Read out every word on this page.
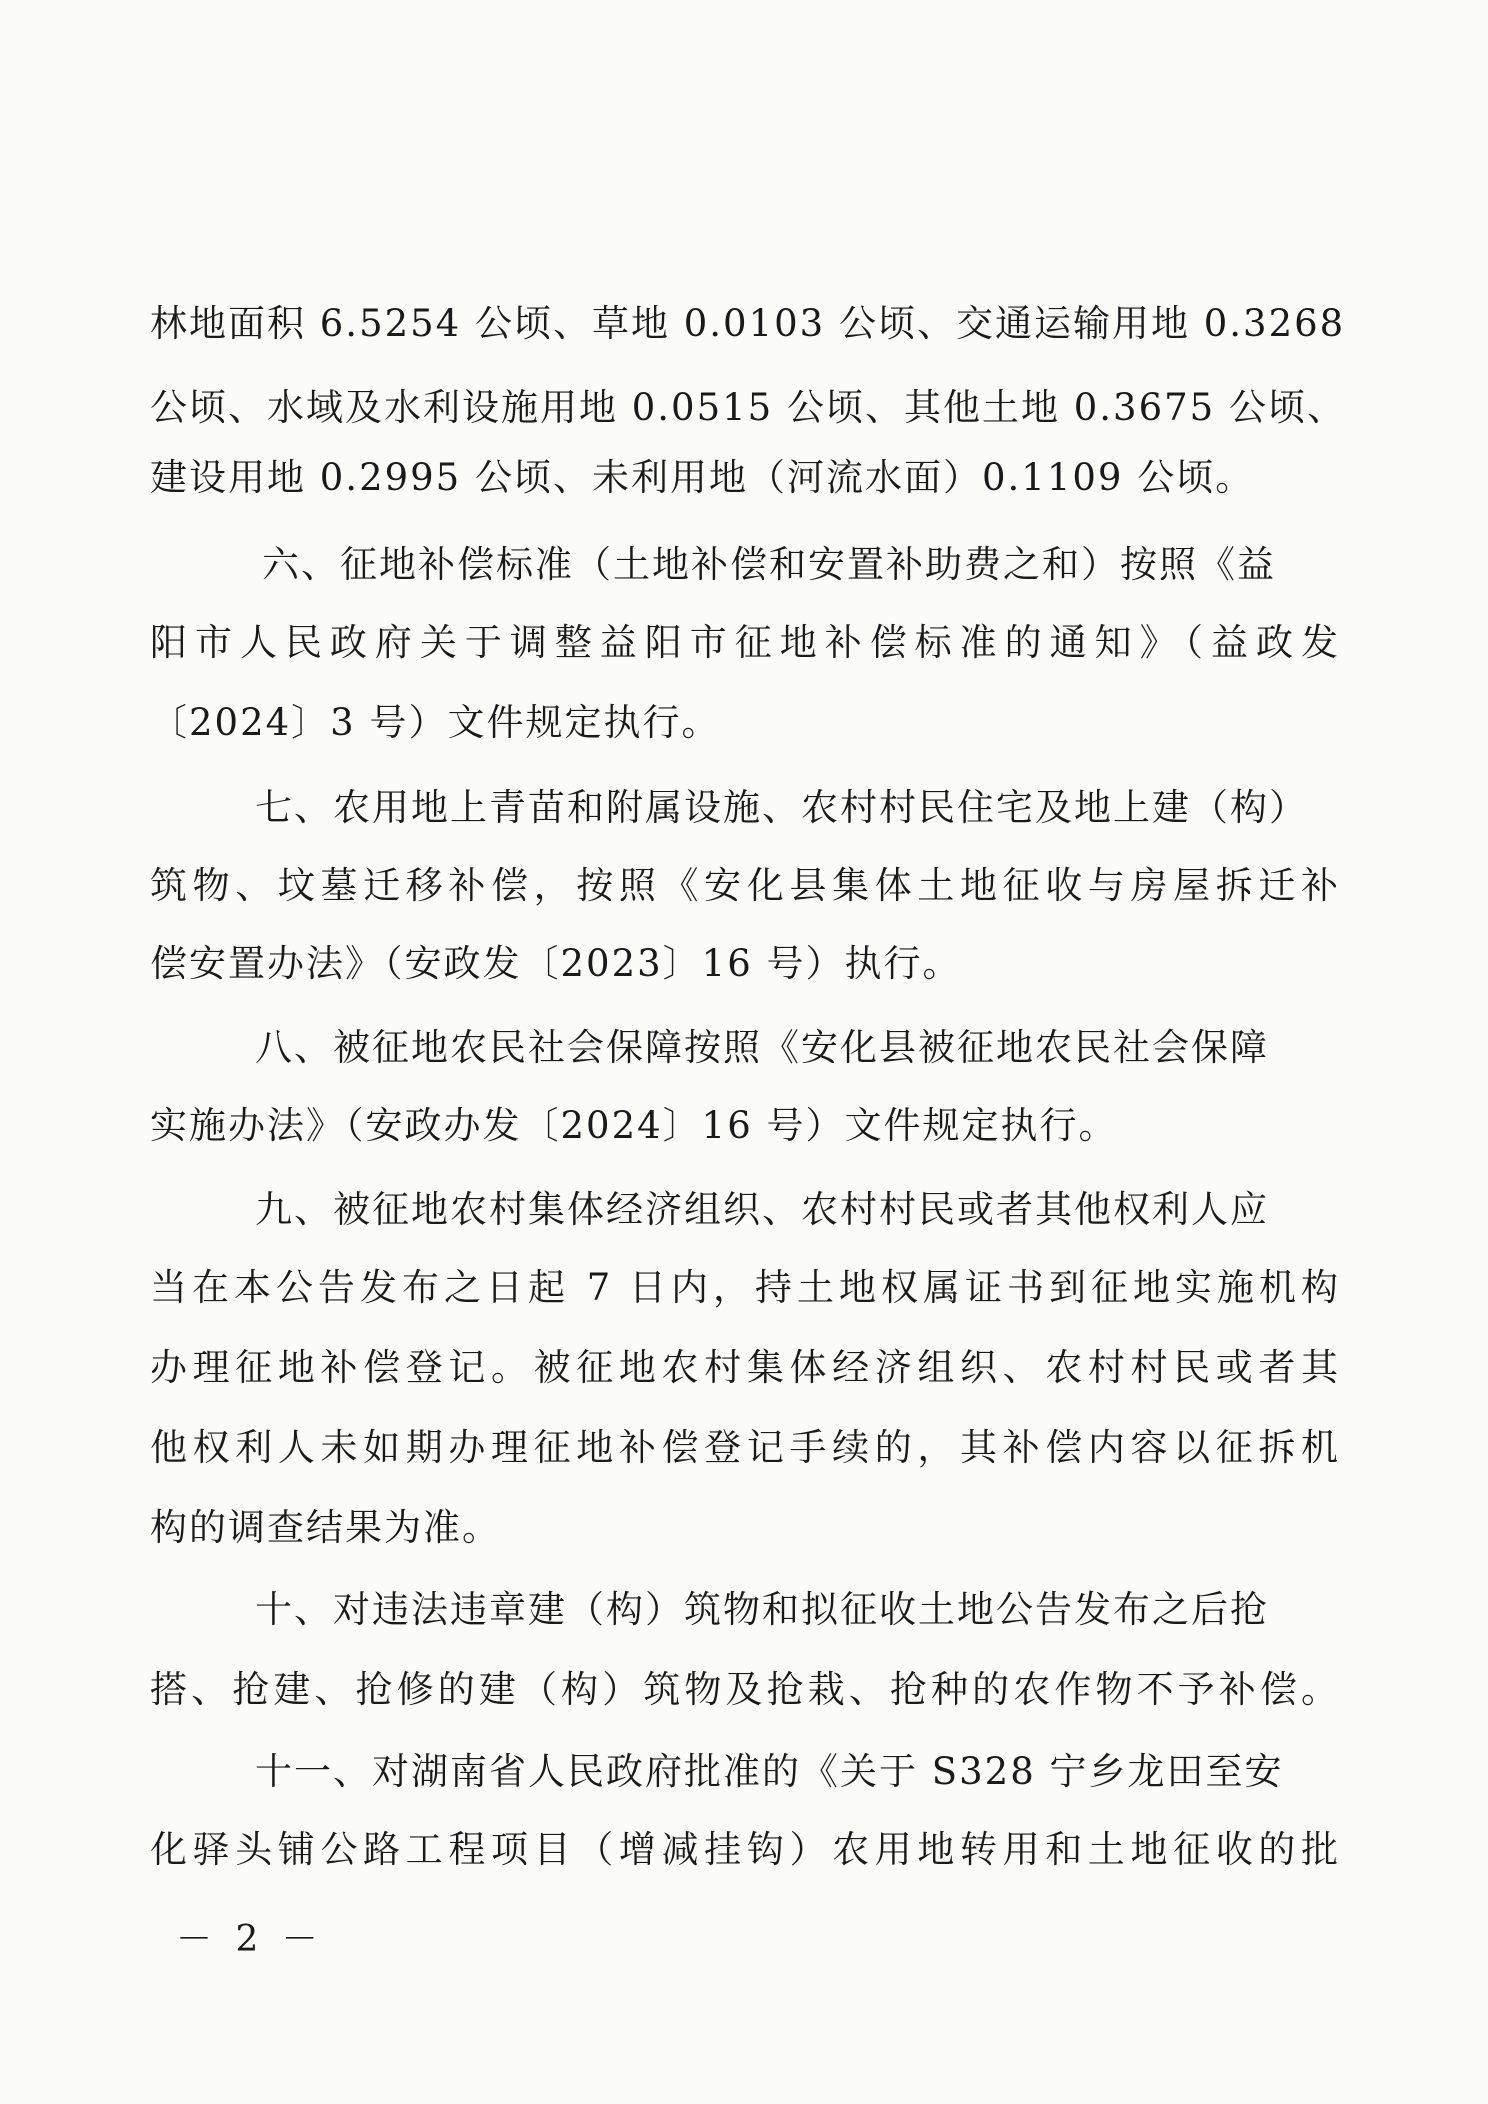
林地面积 6.5254 公顷、草地 0.0103 公顷、交通运输用地 0.3268
公顷、水域及水利设施用地 0.0515 公顷、其他土地 0.3675 公顷、
建设用地 0.2995 公顷、未利用地（河流水面）0.1109 公顷。
六、征地补偿标准（土地补偿和安置补助费之和）按照《益
阳市人民政府关于调整益阳市征地补偿标准的通知》（益政发
〔2024〕3 号）文件规定执行。
七、农用地上青苗和附属设施、农村村民住宅及地上建（构）
筑物、坟墓迁移补偿，按照《安化县集体土地征收与房屋拆迁补
偿安置办法》（安政发〔2023〕16 号）执行。
八、被征地农民社会保障按照《安化县被征地农民社会保障
实施办法》（安政办发〔2024〕16 号）文件规定执行。
九、被征地农村集体经济组织、农村村民或者其他权利人应
当在本公告发布之日起 7 日内，持土地权属证书到征地实施机构
办理征地补偿登记。被征地农村集体经济组织、农村村民或者其
他权利人未如期办理征地补偿登记手续的，其补偿内容以征拆机
构的调查结果为准。
十、对违法违章建（构）筑物和拟征收土地公告发布之后抢
搭、抢建、抢修的建（构）筑物及抢栽、抢种的农作物不予补偿。
十一、对湖南省人民政府批准的《关于 S328 宁乡龙田至安
化驿头铺公路工程项目（增减挂钩）农用地转用和土地征收的批
－ 2 －
